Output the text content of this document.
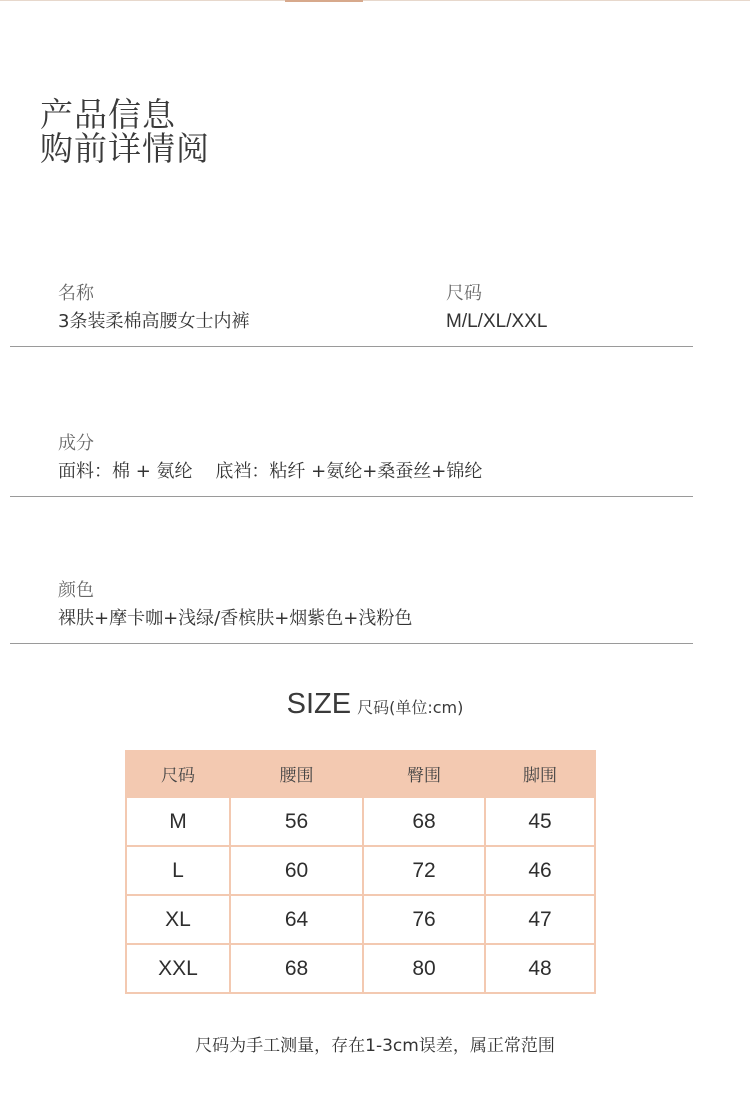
产品信息
购前详情阅
名称
3条装柔棉高腰女士内裤
尺码
M/L/XL/XXL
成分
面料：棉 + 氨纶    底裆：粘纤 +氨纶+桑蚕丝+锦纶
颜色
裸肤+摩卡咖+浅绿/香槟肤+烟紫色+浅粉色
SIZE 尺码(单位:cm)
尺码	腰围	臀围	脚围
M	56	68	45
L	60	72	46
XL	64	76	47
XXL	68	80	48
尺码为手工测量，存在1-3cm误差，属正常范围
